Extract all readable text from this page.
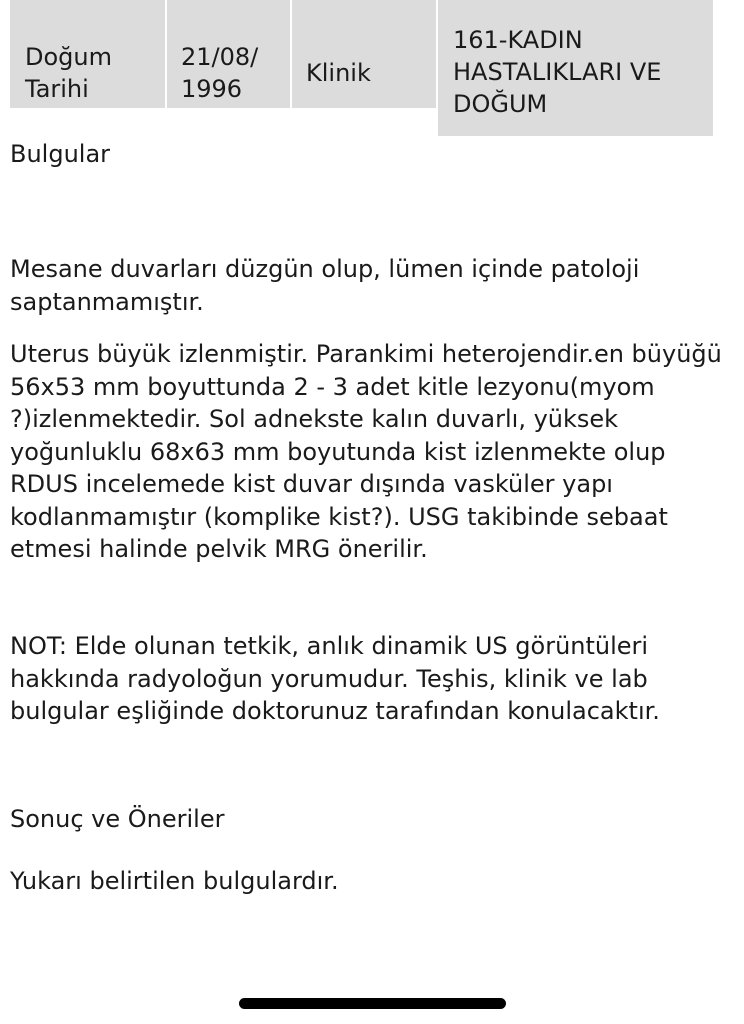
Doğum Tarihi
21/08/ 1996
Klinik
161-KADIN HASTALIKLARI VE DOĞUM

Bulgular

Mesane duvarları düzgün olup, lümen içinde patoloji saptanmamıştır.

Uterus büyük izlenmiştir. Parankimi heterojendir.en büyüğü 56x53 mm boyuttunda 2 - 3 adet kitle lezyonu(myom ?)izlenmektedir. Sol adnekste kalın duvarlı, yüksek yoğunluklu 68x63 mm boyutunda kist izlenmekte olup RDUS incelemede kist duvar dışında vasküler yapı kodlanmamıştır (komplike kist?). USG takibinde sebaat etmesi halinde pelvik MRG önerilir.

NOT: Elde olunan tetkik, anlık dinamik US görüntüleri hakkında radyoloğun yorumudur. Teşhis, klinik ve lab bulgular eşliğinde doktorunuz tarafından konulacaktır.

Sonuç ve Öneriler

Yukarı belirtilen bulgulardır.
